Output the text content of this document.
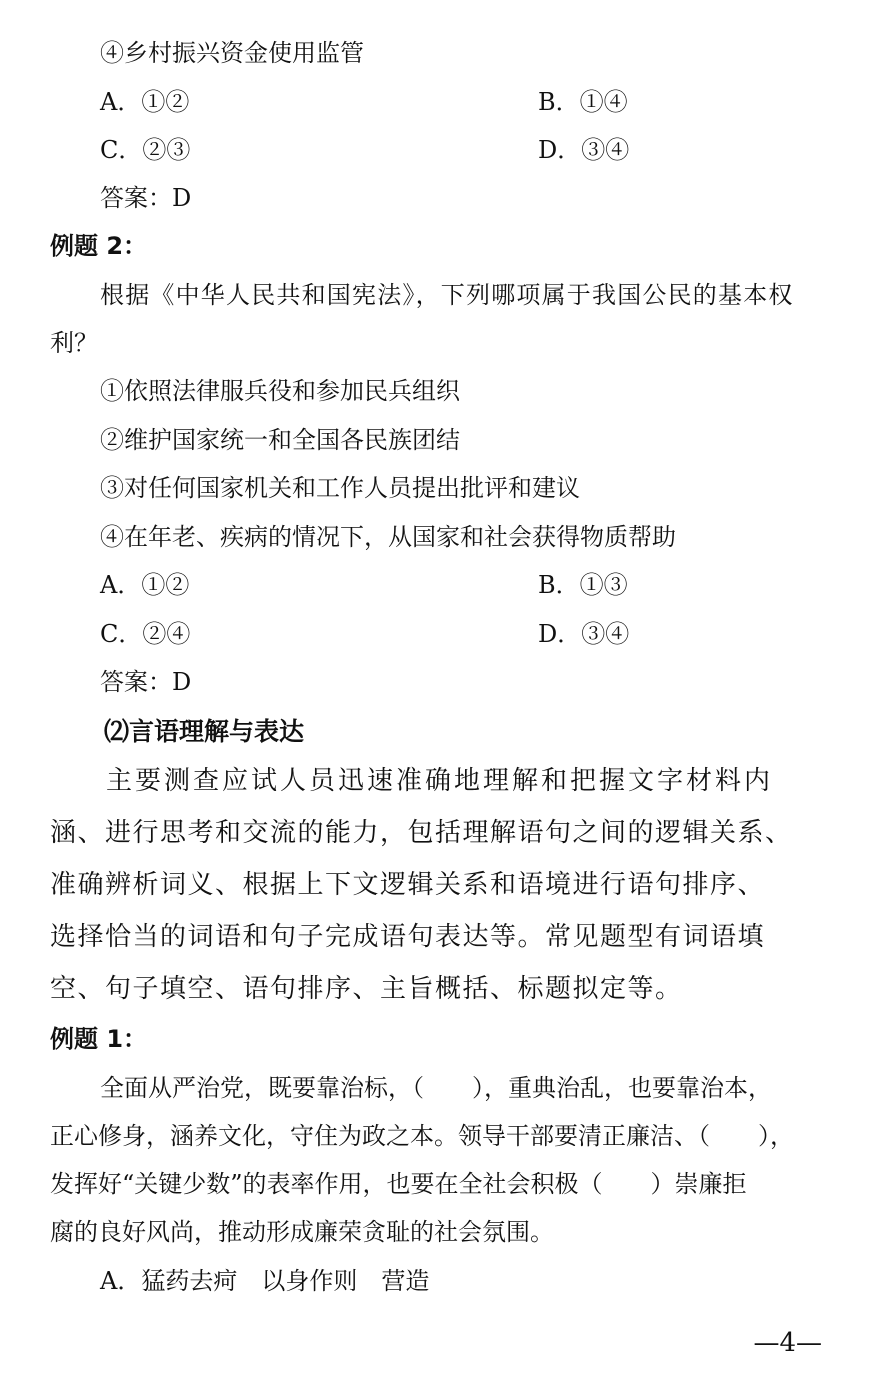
④乡村振兴资金使用监管
A．①②	B．①④
C．②③	D．③④
答案：D
例题 2：
根据《中华人民共和国宪法》，下列哪项属于我国公民的基本权
利？
①依照法律服兵役和参加民兵组织
②维护国家统一和全国各民族团结
③对任何国家机关和工作人员提出批评和建议
④在年老、疾病的情况下，从国家和社会获得物质帮助
A．①②	B．①③
C．②④	D．③④
答案：D
⑵言语理解与表达
主要测查应试人员迅速准确地理解和把握文字材料内
涵、进行思考和交流的能力，包括理解语句之间的逻辑关系、
准确辨析词义、根据上下文逻辑关系和语境进行语句排序、
选择恰当的词语和句子完成语句表达等。常见题型有词语填
空、句子填空、语句排序、主旨概括、标题拟定等。
例题 1：
全面从严治党，既要靠治标，（　　），重典治乱，也要靠治本，
正心修身，涵养文化，守住为政之本。领导干部要清正廉洁、（　　），
发挥好“关键少数”的表率作用，也要在全社会积极（　　）崇廉拒
腐的良好风尚，推动形成廉荣贪耻的社会氛围。
A．猛药去疴　以身作则　营造
—4—
